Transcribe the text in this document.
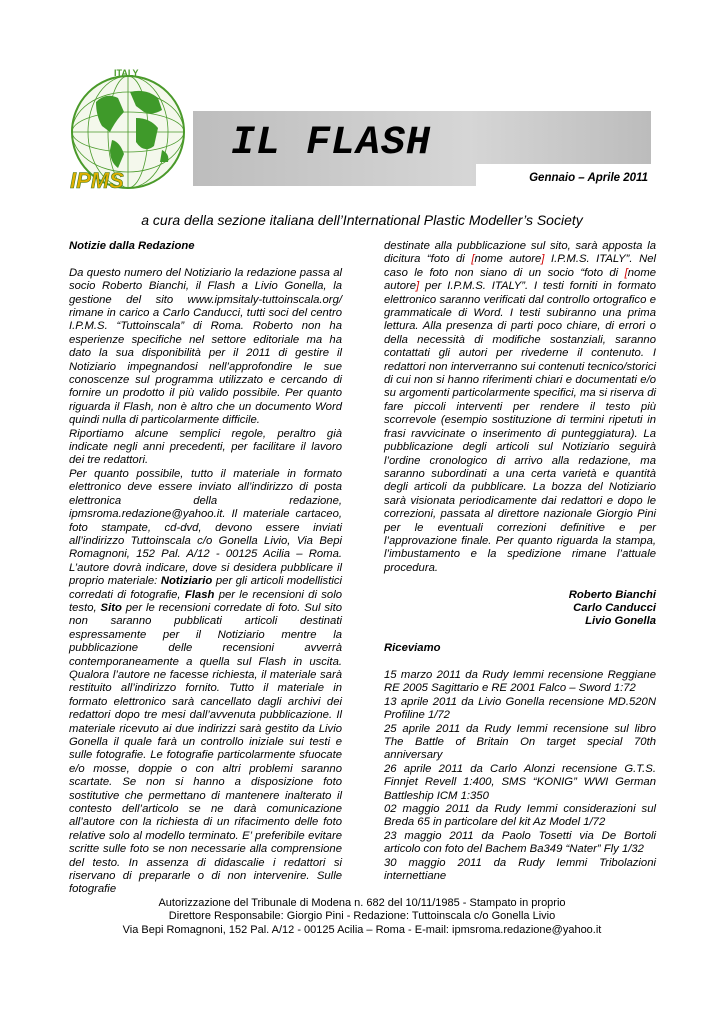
ITALY
IPMS
IL FLASH
Gennaio – Aprile 2011
a cura della sezione italiana dell’International Plastic Modeller’s Society

Notizie dalla Redazione

Da questo numero del Notiziario la redazione passa al socio Roberto Bianchi, il Flash a Livio Gonella, la gestione del sito www.ipmsitaly-tuttoinscala.org/ rimane in carico a Carlo Canducci, tutti soci del centro I.P.M.S. “Tuttoinscala” di Roma. Roberto non ha esperienze specifiche nel settore editoriale ma ha dato la sua disponibilità per il 2011 di gestire il Notiziario impegnandosi nell’approfondire le sue conoscenze sul programma utilizzato e cercando di fornire un prodotto il più valido possibile. Per quanto riguarda il Flash, non è altro che un documento Word quindi nulla di particolarmente difficile.

Riportiamo alcune semplici regole, peraltro già indicate negli anni precedenti, per facilitare il lavoro dei tre redattori.

Per quanto possibile, tutto il materiale in formato elettronico deve essere inviato all’indirizzo di posta elettronica della redazione, ipmsroma.redazione@yahoo.it. Il materiale cartaceo, foto stampate, cd-dvd, devono essere inviati all’indirizzo Tuttoinscala c/o Gonella Livio, Via Bepi Romagnoni, 152 Pal. A/12 - 00125 Acilia – Roma. L’autore dovrà indicare, dove si desidera pubblicare il proprio materiale: Notiziario per gli articoli modellistici corredati di fotografie, Flash per le recensioni di solo testo, Sito per le recensioni corredate di foto. Sul sito non saranno pubblicati articoli destinati espressamente per il Notiziario mentre la pubblicazione delle recensioni avverrà contemporaneamente a quella sul Flash in uscita. Qualora l’autore ne facesse richiesta, il materiale sarà restituito all’indirizzo fornito. Tutto il materiale in formato elettronico sarà cancellato dagli archivi dei redattori dopo tre mesi dall’avvenuta pubblicazione. Il materiale ricevuto ai due indirizzi sarà gestito da Livio Gonella il quale farà un controllo iniziale sui testi e sulle fotografie. Le fotografie particolarmente sfuocate e/o mosse, doppie o con altri problemi saranno scartate. Se non si hanno a disposizione foto sostitutive che permettano di mantenere inalterato il contesto dell’articolo se ne darà comunicazione all’autore con la richiesta di un rifacimento delle foto relative solo al modello terminato. E’ preferibile evitare scritte sulle foto se non necessarie alla comprensione del testo. In assenza di didascalie i redattori si riservano di prepararle o di non intervenire. Sulle fotografie

destinate alla pubblicazione sul sito, sarà apposta la dicitura “foto di [nome autore] I.P.M.S. ITALY”. Nel caso le foto non siano di un socio “foto di [nome autore] per I.P.M.S. ITALY”. I testi forniti in formato elettronico saranno verificati dal controllo ortografico e grammaticale di Word. I testi subiranno una prima lettura. Alla presenza di parti poco chiare, di errori o della necessità di modifiche sostanziali, saranno contattati gli autori per rivederne il contenuto. I redattori non interverranno sui contenuti tecnico/storici di cui non si hanno riferimenti chiari e documentati e/o su argomenti particolarmente specifici, ma si riserva di fare piccoli interventi per rendere il testo più scorrevole (esempio sostituzione di termini ripetuti in frasi ravvicinate o inserimento di punteggiatura). La pubblicazione degli articoli sul Notiziario seguirà l’ordine cronologico di arrivo alla redazione, ma saranno subordinati a una certa varietà e quantità degli articoli da pubblicare. La bozza del Notiziario sarà visionata periodicamente dai redattori e dopo le correzioni, passata al direttore nazionale Giorgio Pini per le eventuali correzioni definitive e per l’approvazione finale. Per quanto riguarda la stampa, l’imbustamento e la spedizione rimane l’attuale procedura.

Roberto Bianchi

Carlo Canducci

Livio Gonella

Riceviamo

15 marzo 2011 da Rudy Iemmi recensione Reggiane RE 2005 Sagittario e RE 2001 Falco – Sword 1:72

13 aprile 2011 da Livio Gonella recensione MD.520N Profiline 1/72

25 aprile 2011 da Rudy Iemmi recensione sul libro The Battle of Britain On target special 70th anniversary

26 aprile 2011 da Carlo Alonzi recensione G.T.S. Finnjet Revell 1:400, SMS “KONIG” WWI German Battleship ICM 1:350

02 maggio 2011 da Rudy Iemmi considerazioni sul Breda 65 in particolare del kit Az Model 1/72

23 maggio 2011 da Paolo Tosetti via De Bortoli articolo con foto del Bachem Ba349 “Nater” Fly 1/32

30 maggio 2011 da Rudy Iemmi Tribolazioni internettiane

Autorizzazione del Tribunale di Modena n. 682 del 10/11/1985 - Stampato in proprio

Direttore Responsabile: Giorgio Pini - Redazione: Tuttoinscala c/o Gonella Livio

Via Bepi Romagnoni, 152 Pal. A/12 - 00125 Acilia – Roma - E-mail: ipmsroma.redazione@yahoo.it
